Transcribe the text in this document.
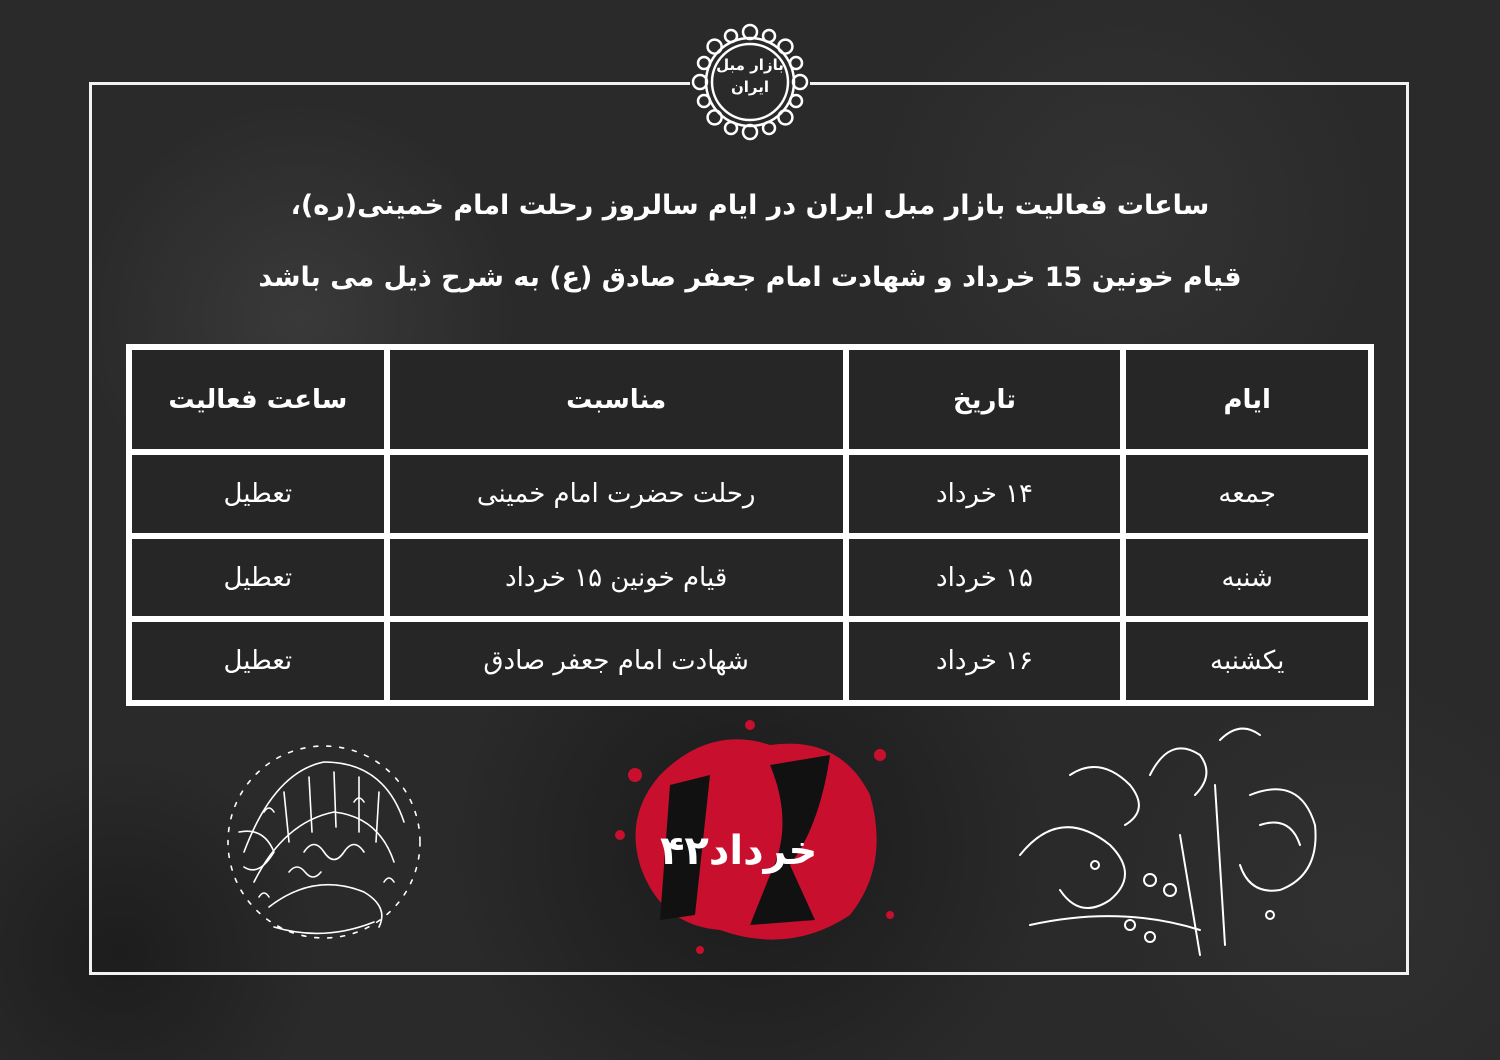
بازار مبل
ایران
ساعات فعالیت بازار مبل ایران در ایام سالروز رحلت امام خمینی(ره)،
قیام خونین 15 خرداد و شهادت امام جعفر صادق (ع) به شرح ذیل می باشد
ایام	تاریخ	مناسبت	ساعت فعالیت
جمعه	۱۴ خرداد	رحلت حضرت امام خمینی	تعطیل
شنبه	۱۵ خرداد	قیام خونین ۱۵ خرداد	تعطیل
یکشنبه	۱۶ خرداد	شهادت امام جعفر صادق	تعطیل
خرداد۴۲
